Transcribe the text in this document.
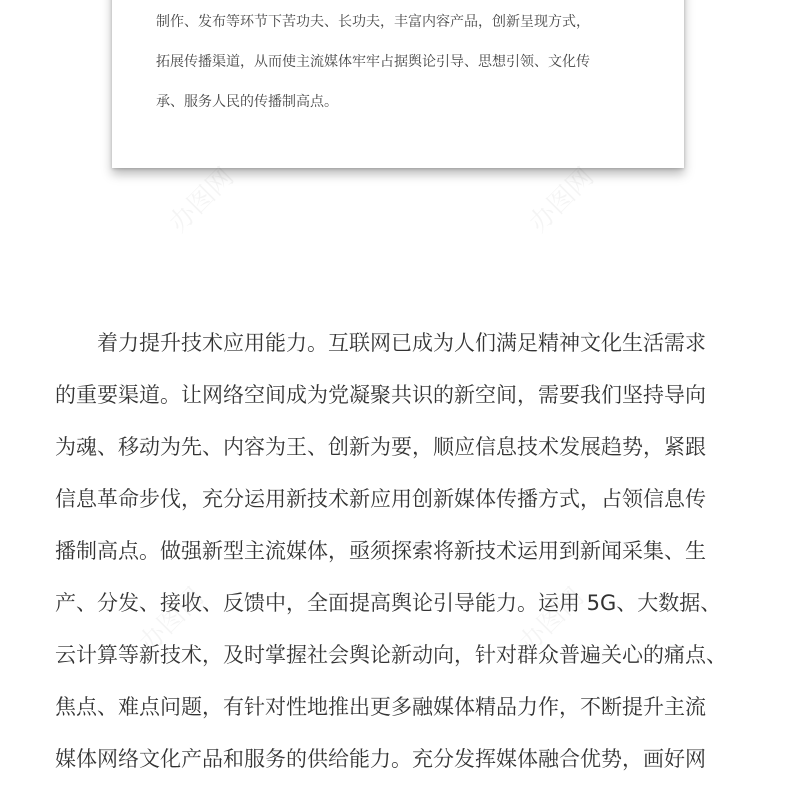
制作、发布等环节下苦功夫、长功夫，丰富内容产品，创新呈现方式，
拓展传播渠道，从而使主流媒体牢牢占据舆论引导、思想引领、文化传
承、服务人民的传播制高点。
　　着力提升技术应用能力。互联网已成为人们满足精神文化生活需求
的重要渠道。让网络空间成为党凝聚共识的新空间，需要我们坚持导向
为魂、移动为先、内容为王、创新为要，顺应信息技术发展趋势，紧跟
信息革命步伐，充分运用新技术新应用创新媒体传播方式，占领信息传
播制高点。做强新型主流媒体，亟须探索将新技术运用到新闻采集、生
产、分发、接收、反馈中，全面提高舆论引导能力。运用 5G、大数据、
云计算等新技术，及时掌握社会舆论新动向，针对群众普遍关心的痛点、
焦点、难点问题，有针对性地推出更多融媒体精品力作，不断提升主流
媒体网络文化产品和服务的供给能力。充分发挥媒体融合优势，画好网
